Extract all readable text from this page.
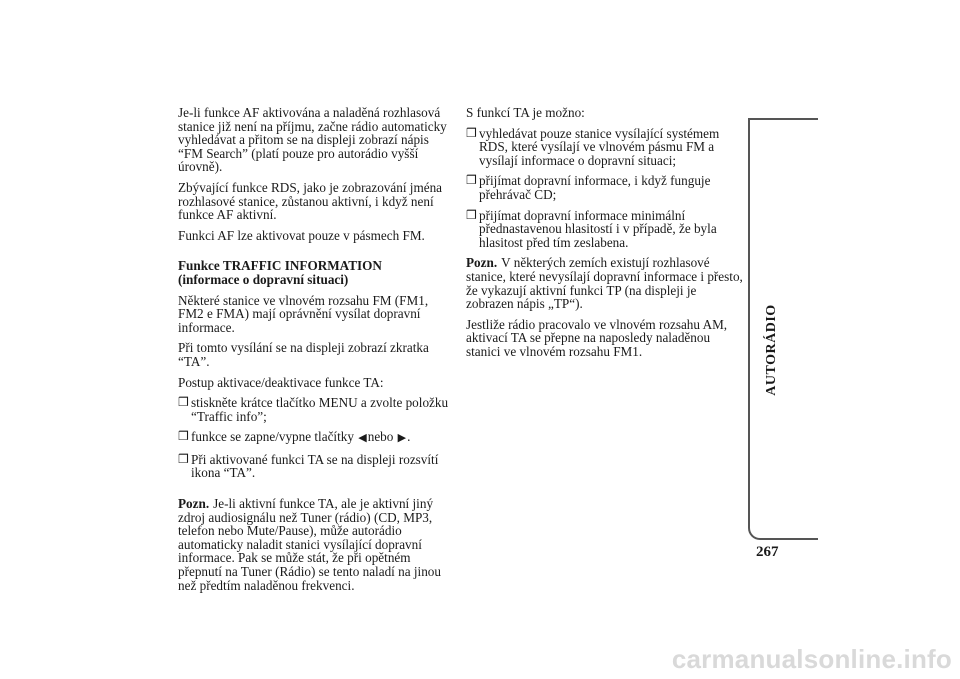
Je-li funkce AF aktivována a naladěná rozhlasová stanice již není na příjmu, začne rádio automaticky vyhledávat a přitom se na displeji zobrazí nápis “FM Search” (platí pouze pro autorádio vyšší úrovně).

Zbývající funkce RDS, jako je zobrazování jména rozhlasové stanice, zůstanou aktivní, i když není funkce AF aktivní.

Funkci AF lze aktivovat pouze v pásmech FM.

Funkce TRAFFIC INFORMATION

(informace o dopravní situaci)

Některé stanice ve vlnovém rozsahu FM (FM1, FM2 e FMA) mají oprávnění vysílat dopravní informace.

Při tomto vysílání se na displeji zobrazí zkratka “TA”.

Postup aktivace/deaktivace funkce TA:

❒ stiskněte krátce tlačítko MENU a zvolte položku “Traffic info”;
❒ funkce se zapne/vypne tlačítky ◀nebo ▶.
❒ Při aktivované funkci TA se na displeji rozsvítí ikona “TA”.

Pozn. Je-li aktivní funkce TA, ale je aktivní jiný zdroj audiosignálu než Tuner (rádio) (CD, MP3, telefon nebo Mute/Pause), může autorádio automaticky naladit stanici vysílající dopravní informace. Pak se může stát, že při opětném přepnutí na Tuner (Rádio) se tento naladí na jinou než předtím naladěnou frekvenci.

S funkcí TA je možno:

❒ vyhledávat pouze stanice vysílající systémem RDS, které vysílají ve vlnovém pásmu FM a vysílají informace o dopravní situaci;
❒ přijímat dopravní informace, i když funguje přehrávač CD;
❒ přijímat dopravní informace minimální přednastavenou hlasitostí i v případě, že byla hlasitost před tím zeslabena.

Pozn. V některých zemích existují rozhlasové stanice, které nevysílají dopravní informace i přesto, že vykazují aktivní funkci TP (na displeji je zobrazen nápis „TP“).

Jestliže rádio pracovalo ve vlnovém rozsahu AM, aktivací TA se přepne na naposledy naladěnou stanici ve vlnovém rozsahu FM1.	AUTORÁDIO
267
carmanualsonline.info
